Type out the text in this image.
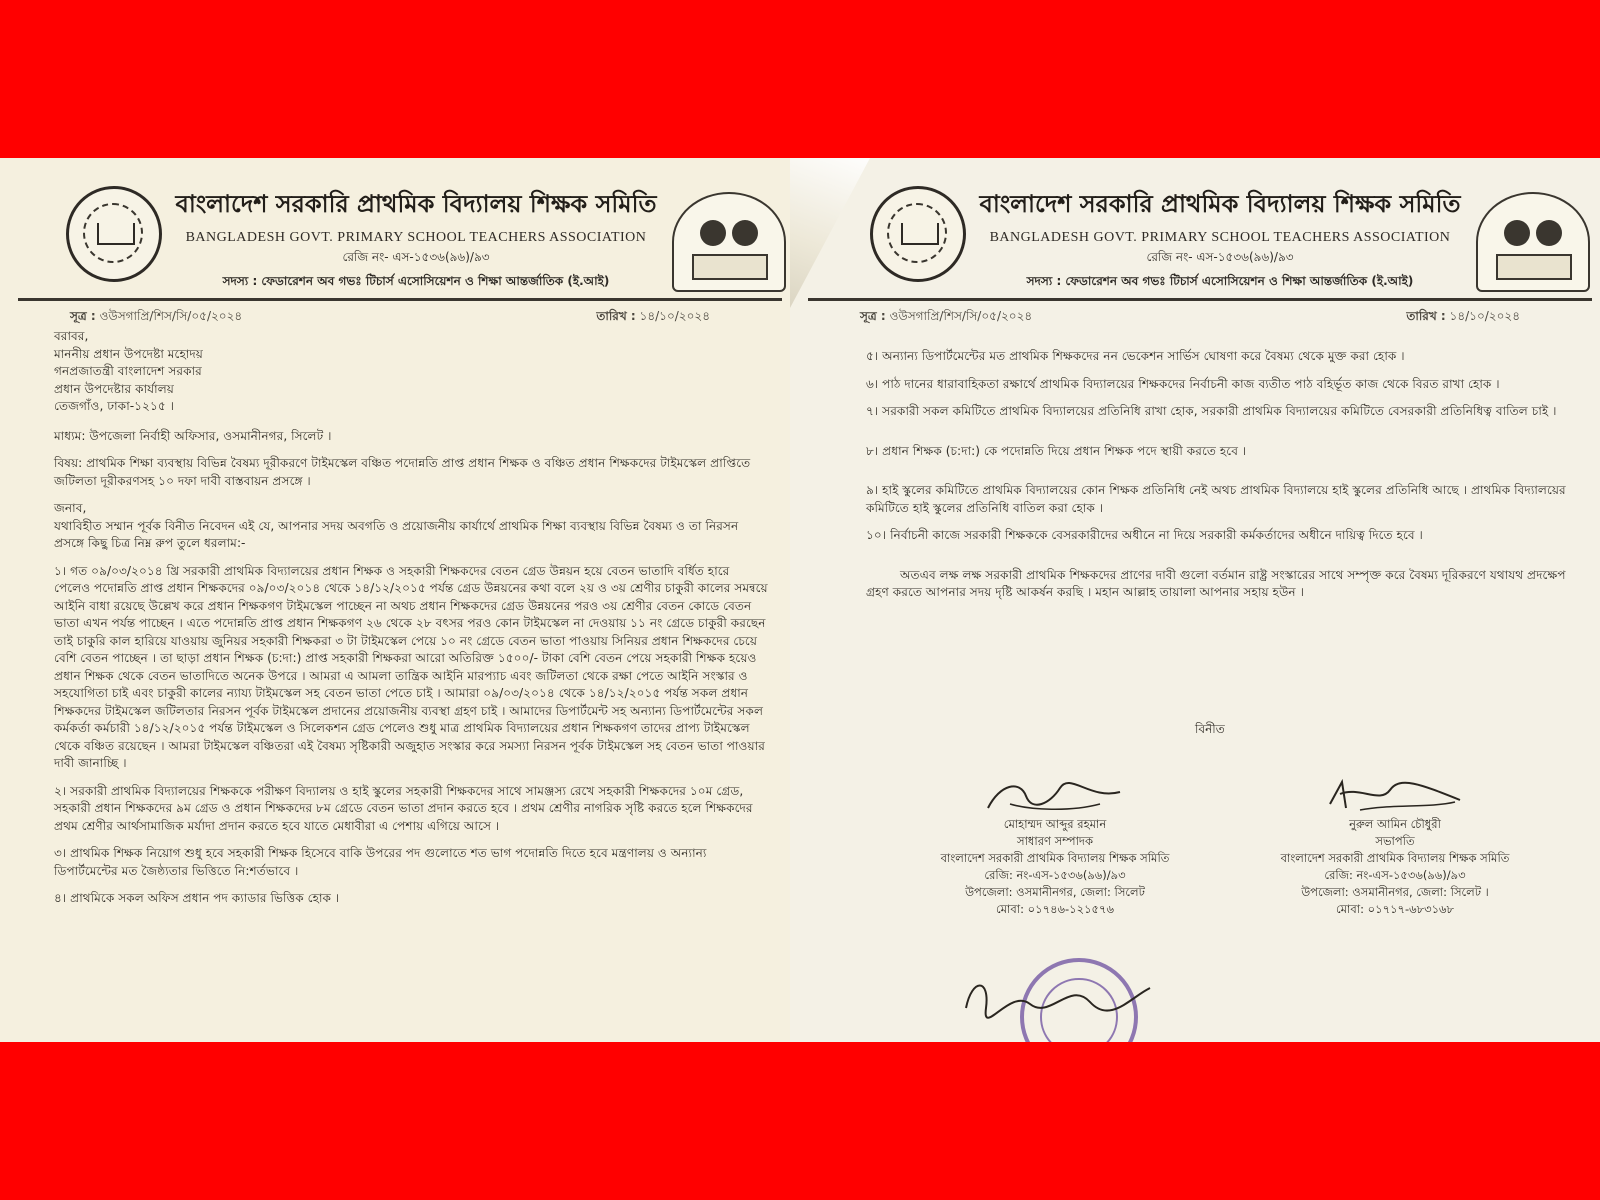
বাংলাদেশ সরকারি প্রাথমিক বিদ্যালয় শিক্ষক সমিতি
BANGLADESH GOVT. PRIMARY SCHOOL TEACHERS ASSOCIATION
রেজি নং- এস-১৫৩৬(৯৬)/৯৩
সদস্য : ফেডারেশন অব গভঃ টিচার্স এসোসিয়েশন ও শিক্ষা আন্তর্জাতিক (ই.আই)
সূত্র : ওউসগাপ্রি/শিস/সি/০৫/২০২৪	তারিখ : ১৪/১০/২০২৪

বরাবর,

মাননীয় প্রধান উপদেষ্টা মহোদয়

গনপ্রজাতন্ত্রী বাংলাদেশ সরকার

প্রধান উপদেষ্টার কার্যালয়

তেজগাঁও, ঢাকা-১২১৫ ।

মাধ্যম: উপজেলা নির্বাহী অফিসার, ওসমানীনগর, সিলেট ।

বিষয়: প্রাথমিক শিক্ষা ব্যবস্থায় বিভিন্ন বৈষম্য দূরীকরণে টাইমস্কেল বঞ্চিত পদোন্নতি প্রাপ্ত প্রধান শিক্ষক ও বঞ্চিত প্রধান শিক্ষকদের টাইমস্কেল প্রাপ্তিতে জটিলতা দূরীকরণসহ ১০ দফা দাবী বাস্তবায়ন প্রসঙ্গে ।

জনাব,

যথাবিহীত সম্মান পূর্বক বিনীত নিবেদন এই যে, আপনার সদয় অবগতি ও প্রয়োজনীয় কার্যার্থে প্রাথমিক শিক্ষা ব্যবস্থায় বিভিন্ন বৈষম্য ও তা নিরসন প্রসঙ্গে কিছু চিত্র নিম্ন রুপ তুলে ধরলাম:-

১। গত ০৯/০৩/২০১৪ খ্রি সরকারী প্রাথমিক বিদ্যালয়ের প্রধান শিক্ষক ও সহকারী শিক্ষকদের বেতন গ্রেড উন্নয়ন হয়ে বেতন ভাতাদি বর্ধিত হারে পেলেও পদোন্নতি প্রাপ্ত প্রধান শিক্ষকদের ০৯/০৩/২০১৪ থেকে ১৪/১২/২০১৫ পর্যন্ত গ্রেড উন্নয়নের কথা বলে ২য় ও ৩য় শ্রেণীর চাকুরী কালের সমন্বয়ে আইনি বাধা রয়েছে উল্লেখ করে প্রধান শিক্ষকগণ টাইমস্কেল পাচ্ছেন না অথচ প্রধান শিক্ষকদের গ্রেড উন্নয়নের পরও ৩য় শ্রেণীর বেতন কোডে বেতন ভাতা এখন পর্যন্ত পাচ্ছেন । এতে পদোন্নতি প্রাপ্ত প্রধান শিক্ষকগণ ২৬ থেকে ২৮ বৎসর পরও কোন টাইমস্কেল না দেওয়ায় ১১ নং গ্রেডে চাকুরী করছেন তাই চাকুরি কাল হারিয়ে যাওয়ায় জুনিয়র সহকারী শিক্ষকরা ৩ টা টাইমস্কেল পেয়ে ১০ নং গ্রেডে বেতন ভাতা পাওয়ায় সিনিয়র প্রধান শিক্ষকদের চেয়ে বেশি বেতন পাচ্ছেন । তা ছাড়া প্রধান শিক্ষক (চ:দা:) প্রাপ্ত সহকারী শিক্ষকরা আরো অতিরিক্ত ১৫০০/- টাকা বেশি বেতন পেয়ে সহকারী শিক্ষক হয়েও প্রধান শিক্ষক থেকে বেতন ভাতাদিতে অনেক উপরে । আমরা এ আমলা তান্ত্রিক আইনি মারপ্যাচ এবং জটিলতা থেকে রক্ষা পেতে আইনি সংস্কার ও সহযোগিতা চাই এবং চাকুরী কালের ন্যায্য টাইমস্কেল সহ বেতন ভাতা পেতে চাই । আমারা ০৯/০৩/২০১৪ থেকে ১৪/১২/২০১৫ পর্যন্ত সকল প্রধান শিক্ষকদের টাইমস্কেল জটিলতার নিরসন পূর্বক টাইমস্কেল প্রদানের প্রয়োজনীয় ব্যবস্থা গ্রহণ চাই । আমাদের ডিপার্টমেন্ট সহ অন্যান্য ডিপার্টমেন্টের সকল কর্মকর্তা কর্মচারী ১৪/১২/২০১৫ পর্যন্ত টাইমস্কেল ও সিলেকশন গ্রেড পেলেও শুধু মাত্র প্রাথমিক বিদ্যালয়ের প্রধান শিক্ষকগণ তাদের প্রাপ্য টাইমস্কেল থেকে বঞ্চিত রয়েছেন । আমরা টাইমস্কেল বঞ্চিতরা এই বৈষম্য সৃষ্টিকারী অজুহাত সংস্কার করে সমস্যা নিরসন পূর্বক টাইমস্কেল সহ বেতন ভাতা পাওয়ার দাবী জানাচ্ছি ।

২। সরকারী প্রাথমিক বিদ্যালয়ের শিক্ষককে পরীক্ষণ বিদ্যালয় ও হাই স্কুলের সহকারী শিক্ষকদের সাথে সামঞ্জস্য রেখে সহকারী শিক্ষকদের ১০ম গ্রেড, সহকারী প্রধান শিক্ষকদের ৯ম গ্রেড ও প্রধান শিক্ষকদের ৮ম গ্রেডে বেতন ভাতা প্রদান করতে হবে । প্রথম শ্রেণীর নাগরিক সৃষ্টি করতে হলে শিক্ষকদের প্রথম শ্রেণীর আর্থসামাজিক মর্যাদা প্রদান করতে হবে যাতে মেধাবীরা এ পেশায় এগিয়ে আসে ।

৩। প্রাথমিক শিক্ষক নিয়োগ শুধু হবে সহকারী শিক্ষক হিসেবে বাকি উপরের পদ গুলোতে শত ভাগ পদোন্নতি দিতে হবে মন্ত্রণালয় ও অন্যান্য ডিপার্টমেন্টের মত জৈষ্ঠ্যতার ভিত্তিতে নি:শর্তভাবে ।

৪। প্রাথমিকে সকল অফিস প্রধান পদ ক্যাডার ভিত্তিক হোক ।

বাংলাদেশ সরকারি প্রাথমিক বিদ্যালয় শিক্ষক সমিতি
BANGLADESH GOVT. PRIMARY SCHOOL TEACHERS ASSOCIATION
রেজি নং- এস-১৫৩৬(৯৬)/৯৩
সদস্য : ফেডারেশন অব গভঃ টিচার্স এসোসিয়েশন ও শিক্ষা আন্তর্জাতিক (ই.আই)
সূত্র : ওউসগাপ্রি/শিস/সি/০৫/২০২৪	তারিখ : ১৪/১০/২০২৪

৫। অন্যান্য ডিপার্টমেন্টের মত প্রাথমিক শিক্ষকদের নন ভেকেশন সার্ভিস ঘোষণা করে বৈষম্য থেকে মুক্ত করা হোক ।

৬। পাঠ দানের ধারাবাহিকতা রক্ষার্থে প্রাথমিক বিদ্যালয়ের শিক্ষকদের নির্বাচনী কাজ ব্যতীত পাঠ বহির্ভূত কাজ থেকে বিরত রাখা হোক ।

৭। সরকারী সকল কমিটিতে প্রাথমিক বিদ্যালয়ের প্রতিনিধি রাখা হোক, সরকারী প্রাথমিক বিদ্যালয়ের কমিটিতে বেসরকারী প্রতিনিধিত্ব বাতিল চাই ।

৮। প্রধান শিক্ষক (চ:দা:) কে পদোন্নতি দিয়ে প্রধান শিক্ষক পদে স্থায়ী করতে হবে ।

৯। হাই স্কুলের কমিটিতে প্রাথমিক বিদ্যালয়ের কোন শিক্ষক প্রতিনিধি নেই অথচ প্রাথমিক বিদ্যালয়ে হাই স্কুলের প্রতিনিধি আছে । প্রাথমিক বিদ্যালয়ের কমিটিতে হাই স্কুলের প্রতিনিধি বাতিল করা হোক ।

১০। নির্বাচনী কাজে সরকারী শিক্ষককে বেসরকারীদের অধীনে না দিয়ে সরকারী কর্মকর্তাদের অধীনে দায়িত্ব দিতে হবে ।

অতএব লক্ষ লক্ষ সরকারী প্রাথমিক শিক্ষকদের প্রাণের দাবী গুলো বর্তমান রাষ্ট্র সংস্কারের সাথে সম্পৃক্ত করে বৈষম্য দূরিকরণে যথাযথ প্রদক্ষেপ গ্রহণ করতে আপনার সদয় দৃষ্টি আকর্ষন করছি । মহান আল্লাহ তায়ালা আপনার সহায় হউন ।

বিনীত
মোহাম্মদ আব্দুর রহমান
সাধারণ সম্পাদক
বাংলাদেশ সরকারী প্রাথমিক বিদ্যালয় শিক্ষক সমিতি
রেজি: নং-এস-১৫৩৬(৯৬)/৯৩
উপজেলা: ওসমানীনগর, জেলা: সিলেট
মোবা: ০১৭৪৬-১২১৫৭৬
নুরুল আমিন চৌধুরী
সভাপতি
বাংলাদেশ সরকারী প্রাথমিক বিদ্যালয় শিক্ষক সমিতি
রেজি: নং-এস-১৫৩৬(৯৬)/৯৩
উপজেলা: ওসমানীনগর, জেলা: সিলেট ।
মোবা: ০১৭১৭-৬৮৩১৬৮
